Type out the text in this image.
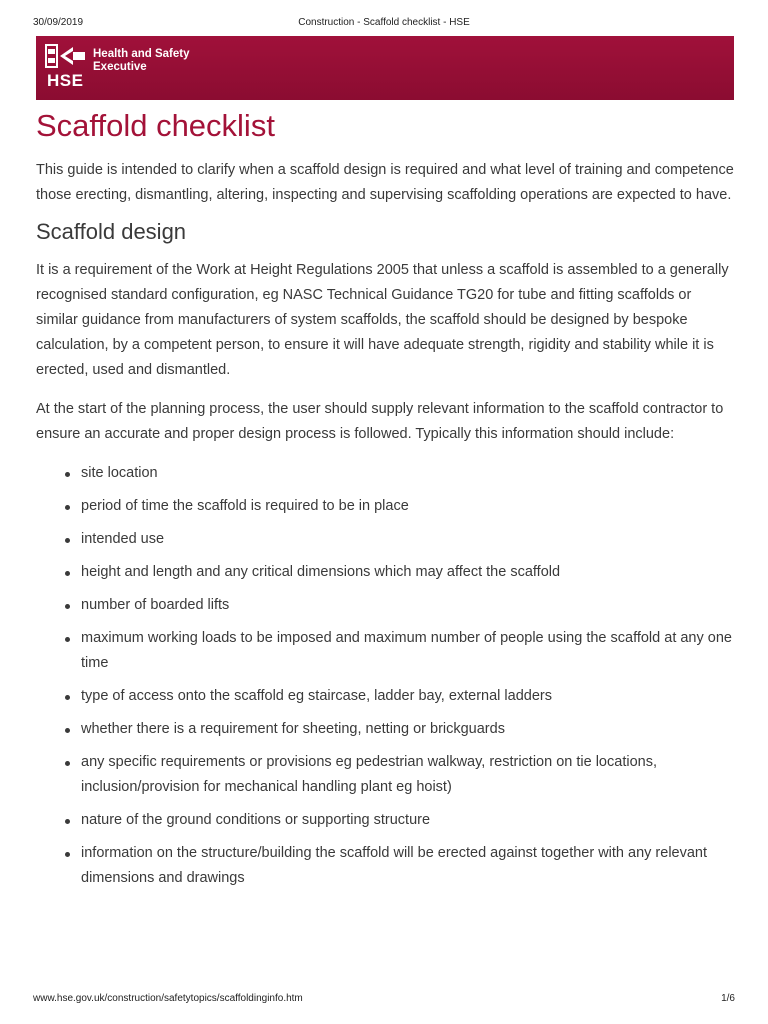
30/09/2019	Construction - Scaffold checklist - HSE
HSE
Health and Safety Executive
Scaffold checklist

This guide is intended to clarify when a scaffold design is required and what level of training and competence those erecting, dismantling, altering, inspecting and supervising scaffolding operations are expected to have.

Scaffold design

It is a requirement of the Work at Height Regulations 2005 that unless a scaffold is assembled to a generally recognised standard configuration, eg NASC Technical Guidance TG20 for tube and fitting scaffolds or similar guidance from manufacturers of system scaffolds, the scaffold should be designed by bespoke calculation, by a competent person, to ensure it will have adequate strength, rigidity and stability while it is erected, used and dismantled.

At the start of the planning process, the user should supply relevant information to the scaffold contractor to ensure an accurate and proper design process is followed. Typically this information should include:

site location
period of time the scaffold is required to be in place
intended use
height and length and any critical dimensions which may affect the scaffold
number of boarded lifts
maximum working loads to be imposed and maximum number of people using the scaffold at any one time
type of access onto the scaffold eg staircase, ladder bay, external ladders
whether there is a requirement for sheeting, netting or brickguards
any specific requirements or provisions eg pedestrian walkway, restriction on tie locations, inclusion/provision for mechanical handling plant eg hoist)
nature of the ground conditions or supporting structure
information on the structure/building the scaffold will be erected against together with any relevant dimensions and drawings
www.hse.gov.uk/construction/safetytopics/scaffoldinginfo.htm	1/6
